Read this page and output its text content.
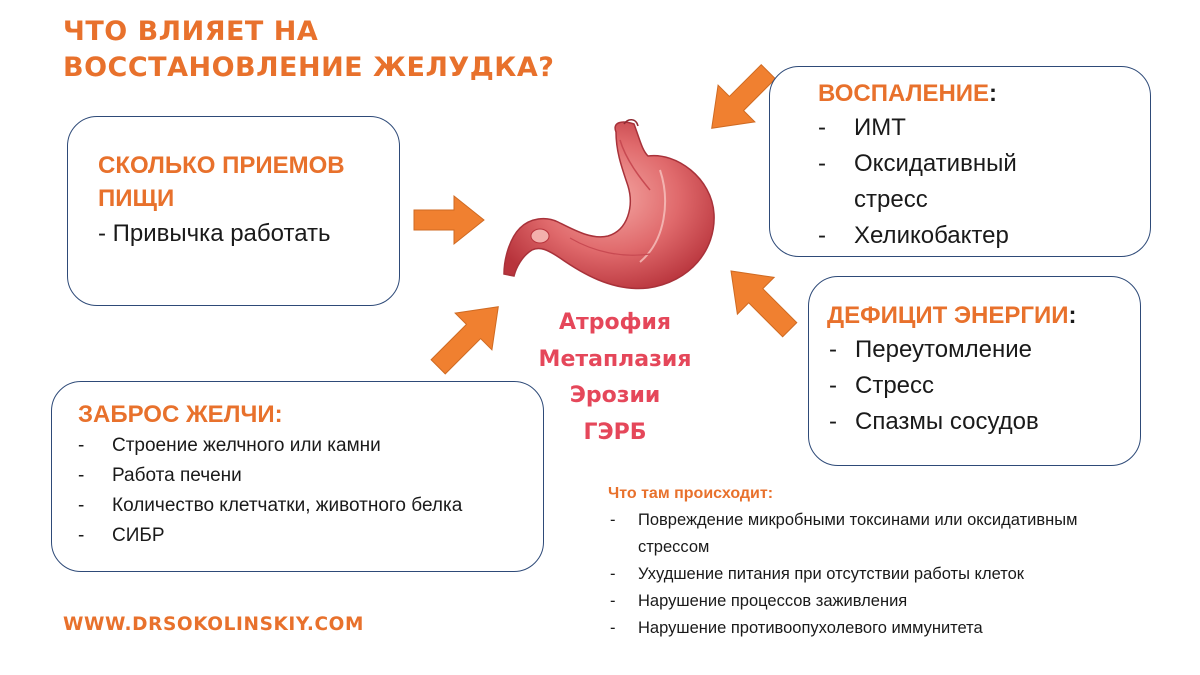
ЧТО ВЛИЯЕТ НА
ВОССТАНОВЛЕНИЕ ЖЕЛУДКА?
СКОЛЬКО ПРИЕМОВ
ПИЩИ
- Привычка работать
ВОСПАЛЕНИЕ:
- ИМТ
- Оксидативный стресс
- Хеликобактер
ДЕФИЦИТ ЭНЕРГИИ:
- Переутомление
- Стресс
- Спазмы сосудов
ЗАБРОС ЖЕЛЧИ:
- Строение желчного или камни
- Работа печени
- Количество клетчатки, животного белка
- СИБР
Атрофия
Метаплазия
Эрозии
ГЭРБ
Что там происходит:
- Повреждение микробными токсинами или оксидативным стрессом
- Ухудшение питания при отсутствии работы клеток
- Нарушение процессов заживления
- Нарушение противоопухолевого иммунитета
WWW.DRSOKOLINSKIY.COM
